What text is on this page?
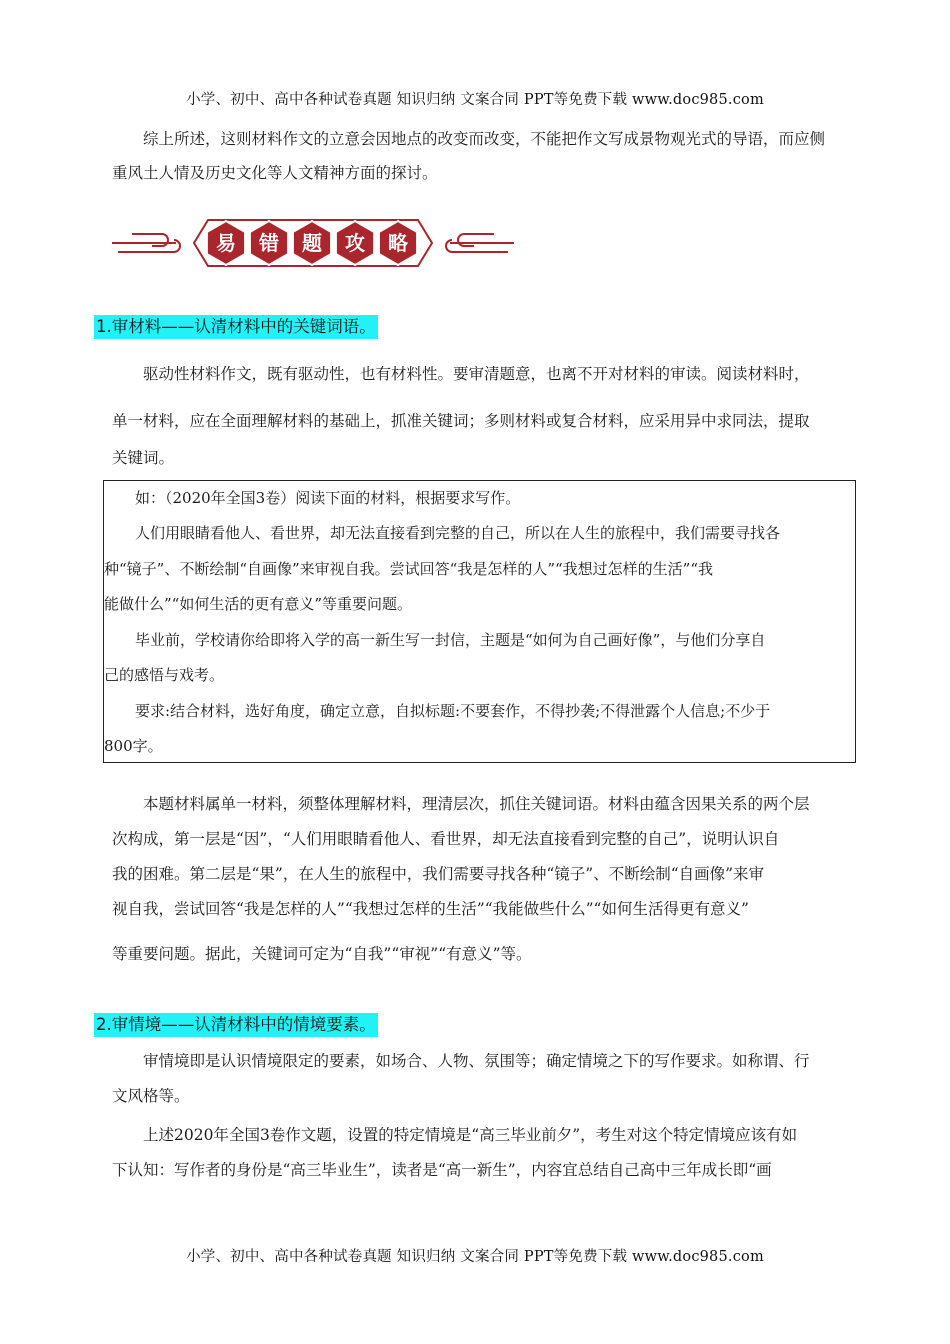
小学、初中、高中各种试卷真题 知识归纳 文案合同 PPT等免费下载 www.doc985.com

综上所述，这则材料作文的立意会因地点的改变而改变，不能把作文写成景物观光式的导语，而应侧

重风土人情及历史文化等人文精神方面的探讨。

易 错 题 攻 略
1.审材料——认清材料中的关键词语。

驱动性材料作文，既有驱动性，也有材料性。要审清题意，也离不开对材料的审读。阅读材料时，

单一材料，应在全面理解材料的基础上，抓准关键词；多则材料或复合材料，应采用异中求同法，提取

关键词。

如：（2020年全国3卷）阅读下面的材料，根据要求写作。

人们用眼睛看他人、看世界，却无法直接看到完整的自己，所以在人生的旅程中，我们需要寻找各

种“镜子”、不断绘制“自画像”来审视自我。尝试回答“我是怎样的人”“我想过怎样的生活”“我

能做什么”“如何生活的更有意义”等重要问题。

毕业前，学校请你给即将入学的高一新生写一封信，主题是“如何为自己画好像”，与他们分享自

己的感悟与戏考。

要求:结合材料，选好角度，确定立意，自拟标题:不要套作，不得抄袭;不得泄露个人信息;不少于

800字。

本题材料属单一材料，须整体理解材料，理清层次，抓住关键词语。材料由蕴含因果关系的两个层

次构成，第一层是“因”，“人们用眼睛看他人、看世界，却无法直接看到完整的自己”，说明认识自

我的困难。第二层是“果”，在人生的旅程中，我们需要寻找各种“镜子”、不断绘制“自画像”来审

视自我，尝试回答“我是怎样的人”“我想过怎样的生活”“我能做些什么”“如何生活得更有意义”

等重要问题。据此，关键词可定为“自我”“审视”“有意义”等。

2.审情境——认清材料中的情境要素。

审情境即是认识情境限定的要素，如场合、人物、氛围等；确定情境之下的写作要求。如称谓、行

文风格等。

上述2020年全国3卷作文题，设置的特定情境是“高三毕业前夕”，考生对这个特定情境应该有如

下认知：写作者的身份是“高三毕业生”，读者是“高一新生”，内容宜总结自己高中三年成长即“画

小学、初中、高中各种试卷真题 知识归纳 文案合同 PPT等免费下载 www.doc985.com
